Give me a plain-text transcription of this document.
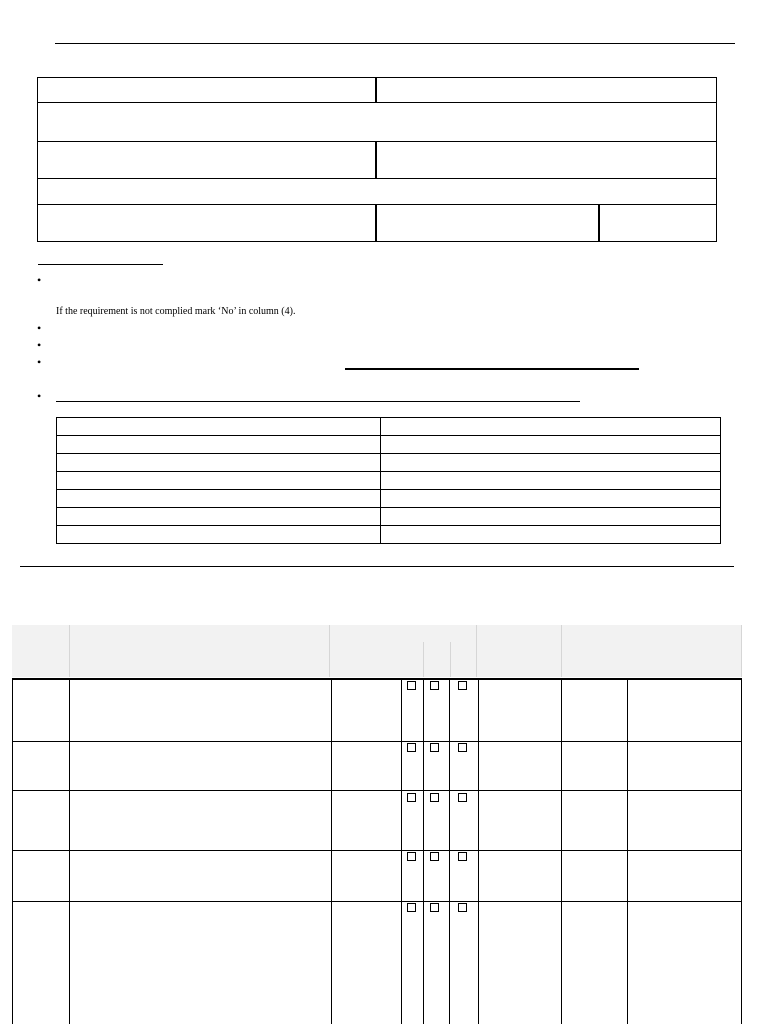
•
If the requirement is not complied mark ‘No’ in column (4).
•
•
•
•
